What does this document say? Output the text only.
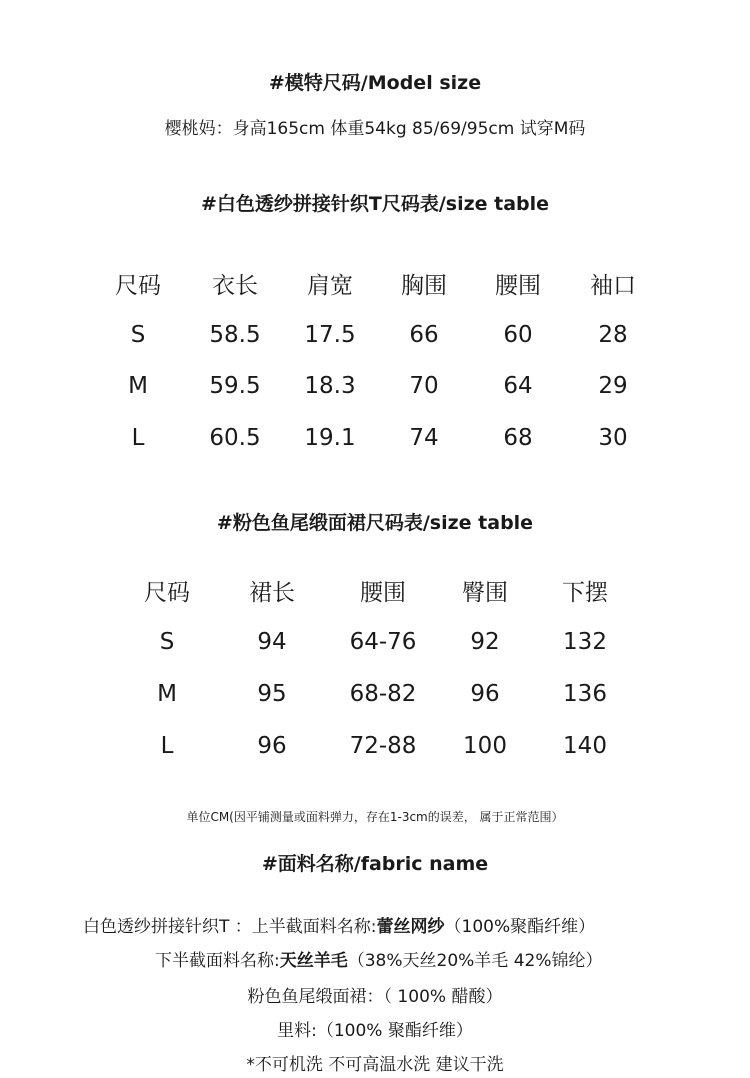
#模特尺码/Model size
樱桃妈：身高165cm 体重54kg 85/69/95cm 试穿M码
#白色透纱拼接针织T尺码表/size table
尺码 衣长 肩宽 胸围 腰围 袖口
S	58.5 17.5 66	60	28
M	59.5 18.3 70	64	29
L	60.5 19.1 74	68	30
#粉色鱼尾缎面裙尺码表/size table
尺码	裙长	腰围 臀围 下摆
S	94	64-76 92	132
M	95	68-82 96	136
L	96	72-88 100 140
单位CM(因平铺测量或面料弹力，存在1-3cm的误差， 属于正常范围）
#面料名称/fabric name
白色透纱拼接针织T ：上半截面料名称:蕾丝网纱（100%聚酯纤维）
下半截面料名称:天丝羊毛（38%天丝20%羊毛 42%锦纶）
粉色鱼尾缎面裙：（ 100% 醋酸）
里料:（100% 聚酯纤维）
*不可机洗 不可高温水洗 建议干洗
